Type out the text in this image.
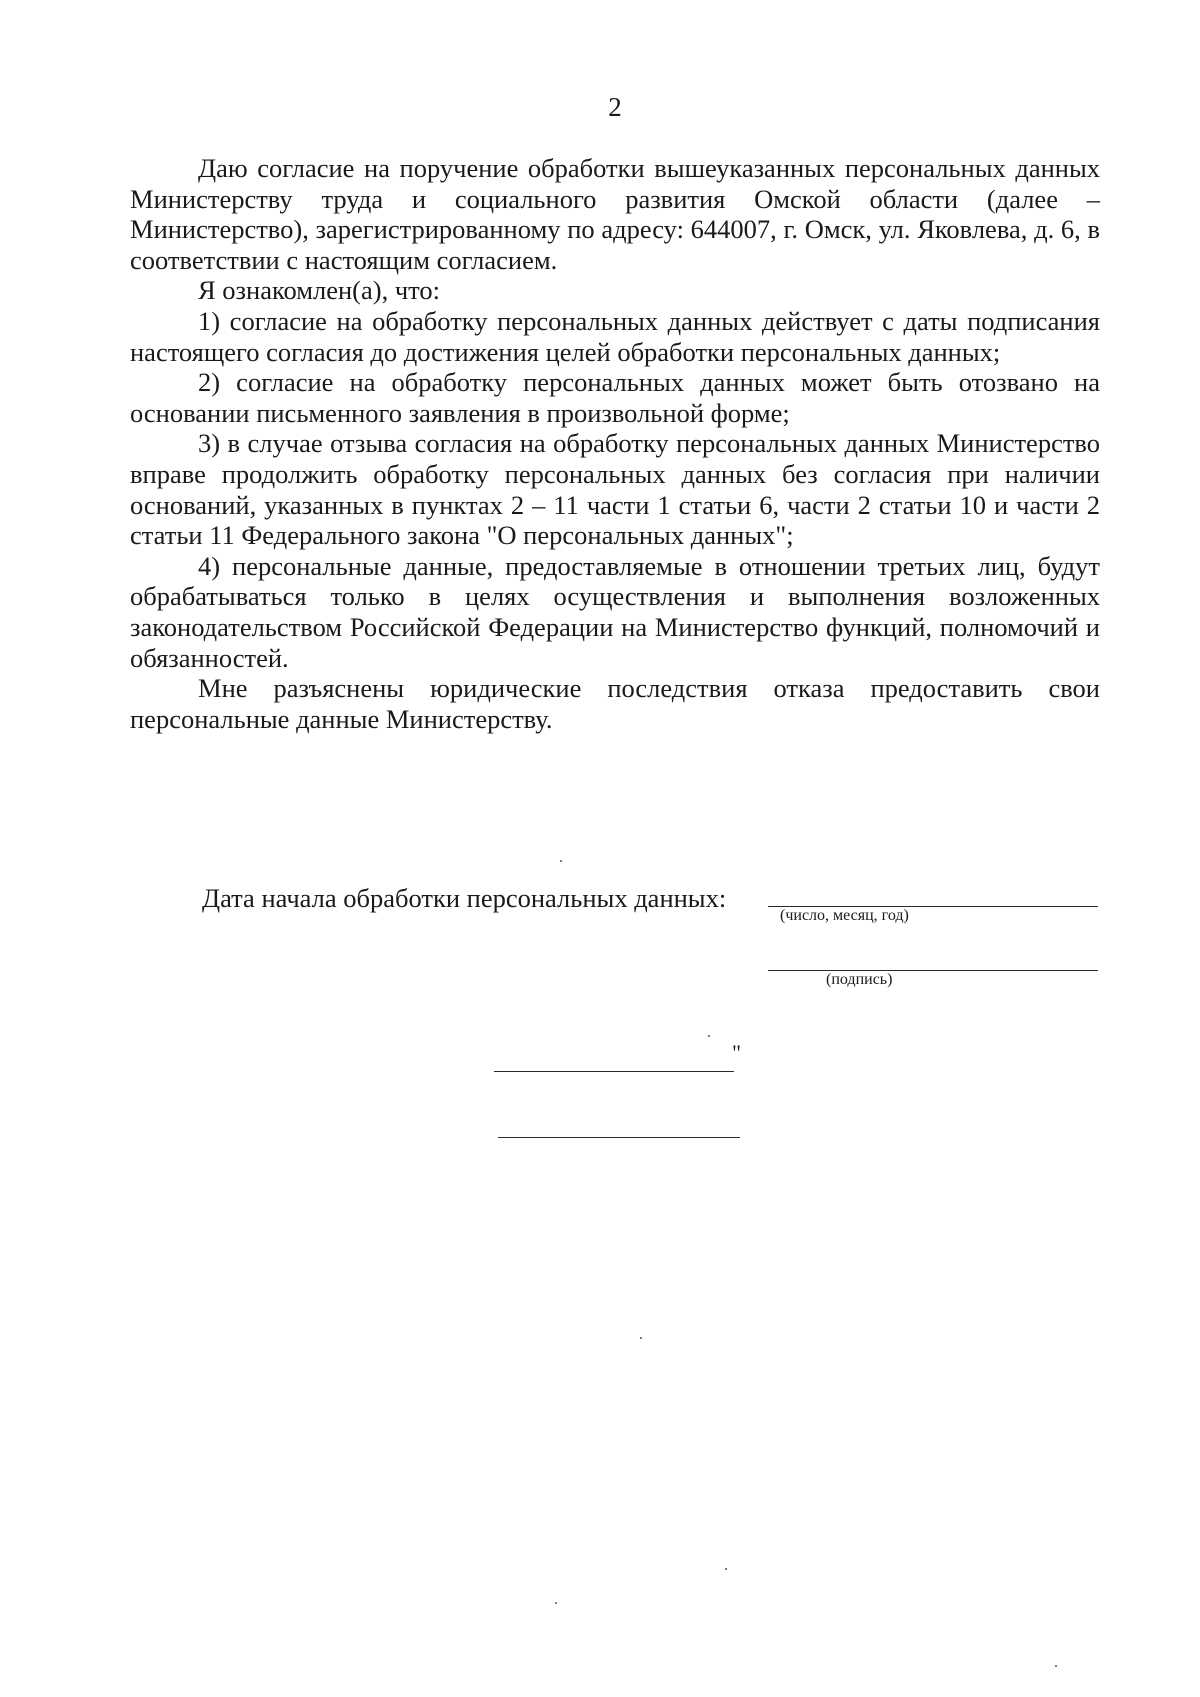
2

Даю согласие на поручение обработки вышеуказанных персональных данных Министерству труда и социального развития Омской области (далее – Министерство), зарегистрированному по адресу: 644007, г. Омск, ул. Яковлева, д. 6, в соответствии с настоящим согласием.

Я ознакомлен(а), что:

1) согласие на обработку персональных данных действует с даты подписания настоящего согласия до достижения целей обработки персональных данных;

2) согласие на обработку персональных данных может быть отозвано на основании письменного заявления в произвольной форме;

3) в случае отзыва согласия на обработку персональных данных Министерство вправе продолжить обработку персональных данных без согласия при наличии оснований, указанных в пунктах 2 – 11 части 1 статьи 6, части 2 статьи 10 и части 2 статьи 11 Федерального закона "О персональных данных";

4) персональные данные, предоставляемые в отношении третьих лиц, будут обрабатываться только в целях осуществления и выполнения возложенных законодательством Российской Федерации на Министерство функций, полномочий и обязанностей.

Мне разъяснены юридические последствия отказа предоставить свои персональные данные Министерству.

Дата начала обработки персональных данных:
(число, месяц, год)
(подпись)
"
